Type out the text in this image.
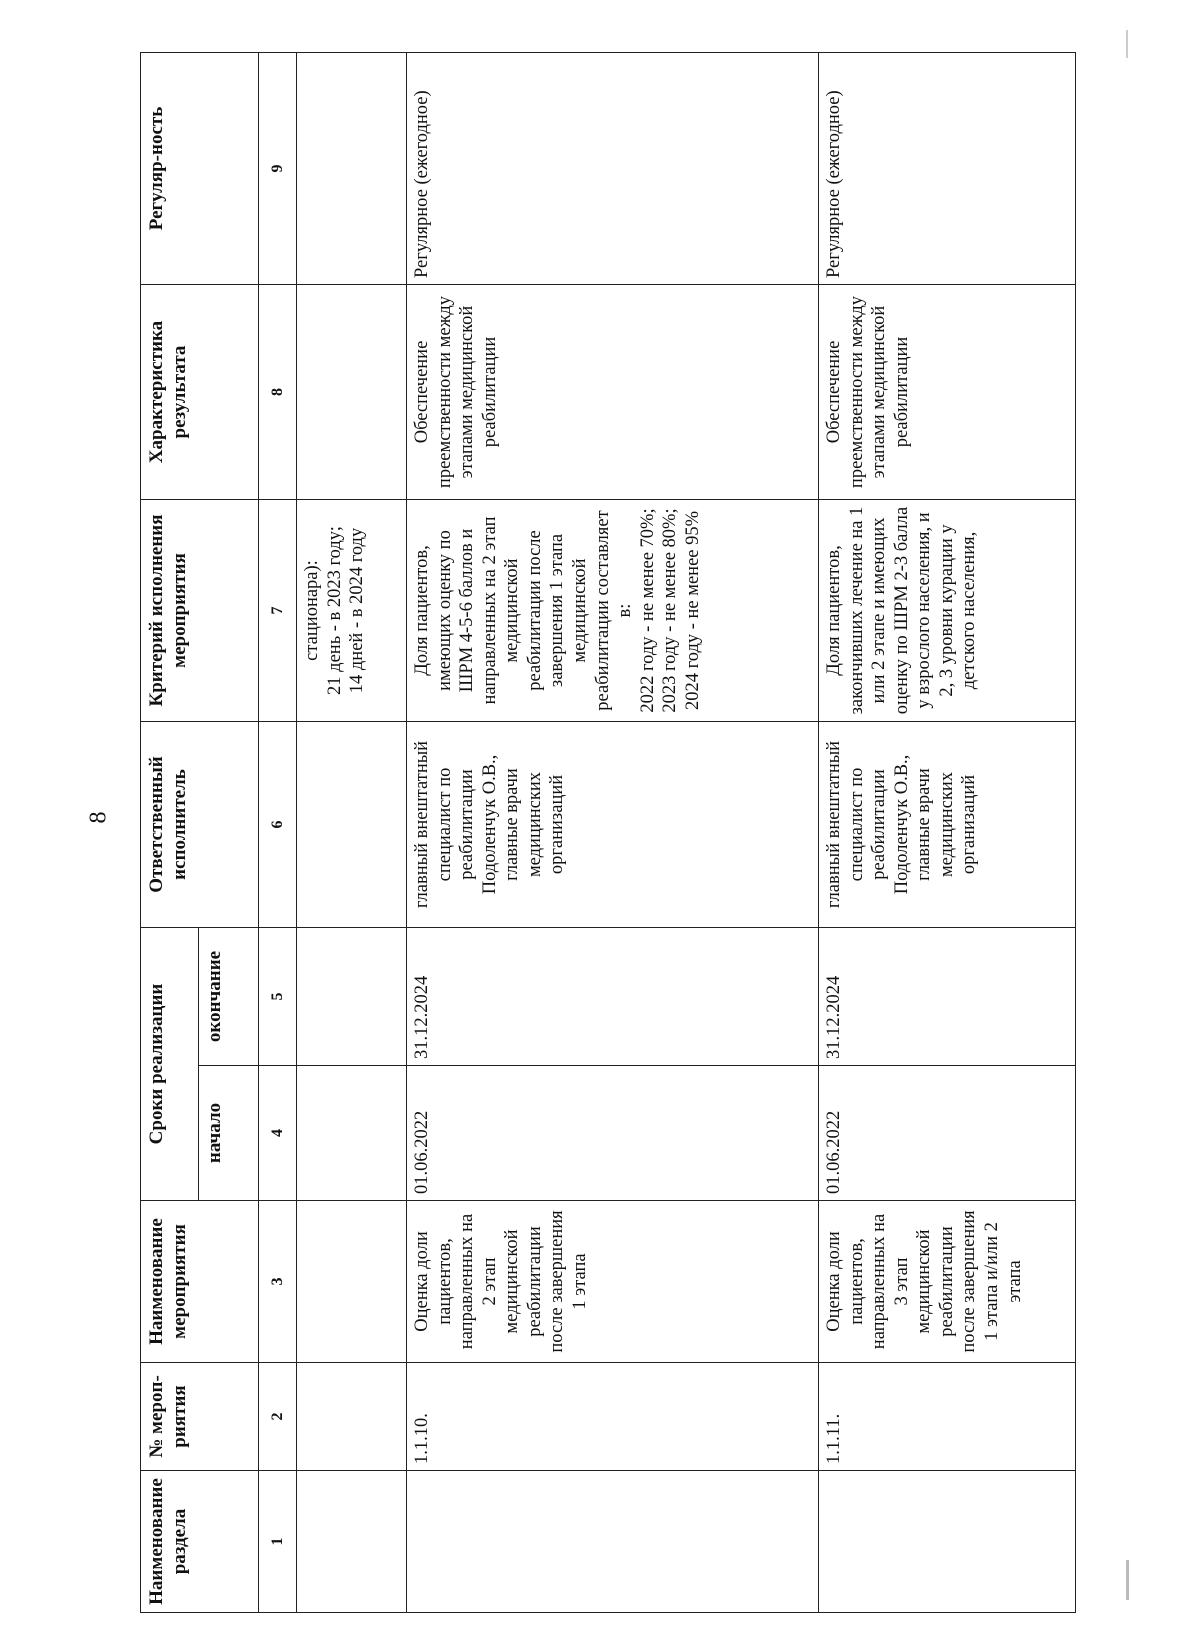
8
Наименование раздела	№ мероп-риятия	Наименование мероприятия	Сроки реализации		Ответственный исполнитель	Критерий исполнения мероприятия	Характеристика результата	Регуляр-ность
			начало	окончание				
1	2	3	4	5	6	7	8	9

						стационара): 21 день - в 2023 году; 14 дней - в 2024 году		

	1.1.10.	Оценка доли пациентов, направленных на 2 этап медицинской реабилитации после завершения 1 этапа	01.06.2022	31.12.2024	главный внештатный специалист по реабилитации Подоленчук О.В., главные врачи медицинских организаций	Доля пациентов, имеющих оценку по ШРМ 4-5-6 баллов и направленных на 2 этап медицинской реабилитации после завершения 1 этапа медицинской реабилитации составляет в: 2022 году - не менее 70%; 2023 году - не менее 80%; 2024 году - не менее 95%	Обеспечение преемственности между этапами медицинской реабилитации	Регулярное (ежегодное)
	1.1.11.	Оценка доли пациентов, направленных на 3 этап медицинской реабилитации после завершения 1 этапа и/или 2 этапа	01.06.2022	31.12.2024	главный внештатный специалист по реабилитации Подоленчук О.В., главные врачи медицинских организаций	Доля пациентов, закончивших лечение на 1 или 2 этапе и имеющих оценку по ШРМ 2-3 балла у взрослого населения, и 2, 3 уровни курации у детского населения,	Обеспечение преемственности между этапами медицинской реабилитации	Регулярное (ежегодное)
